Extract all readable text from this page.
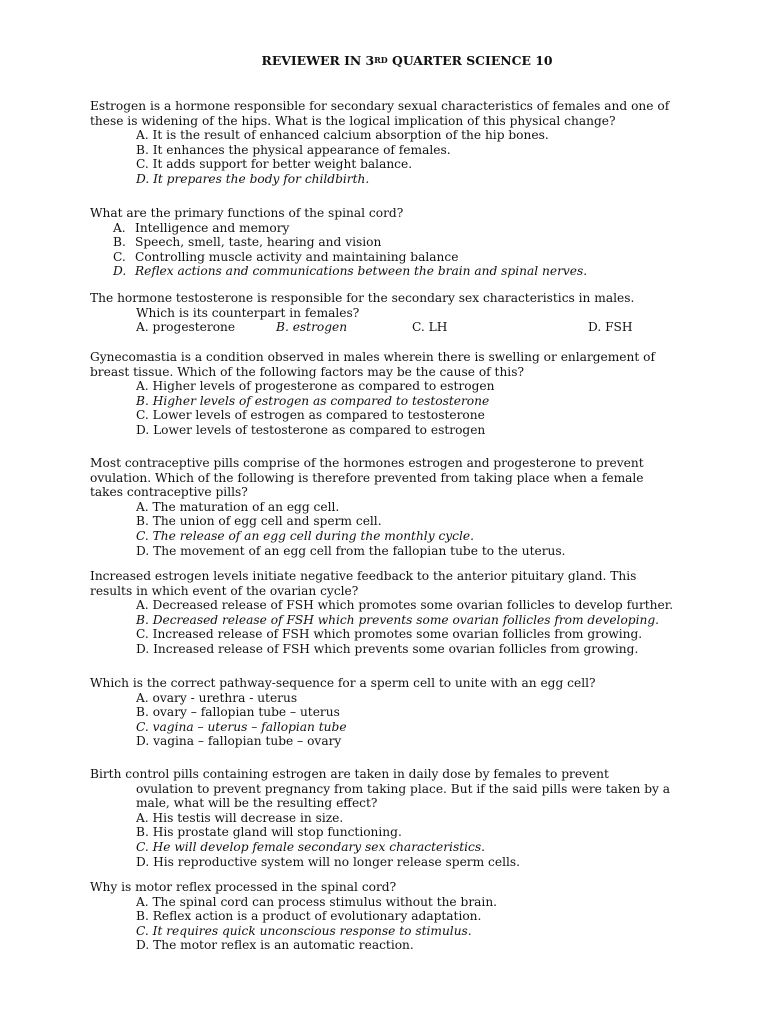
REVIEWER IN 3RD QUARTER SCIENCE 10
Estrogen is a hormone responsible for secondary sexual characteristics of females and one of
these is widening of the hips. What is the logical implication of this physical change?
A. It is the result of enhanced calcium absorption of the hip bones.
B. It enhances the physical appearance of females.
C. It adds support for better weight balance.
D. It prepares the body for childbirth.
What are the primary functions of the spinal cord?
A. Intelligence and memory
B. Speech, smell, taste, hearing and vision
C. Controlling muscle activity and maintaining balance
D. Reflex actions and communications between the brain and spinal nerves.
The hormone testosterone is responsible for the secondary sex characteristics in males.
Which is its counterpart in females?
A. progesterone	B. estrogen	C. LH	D. FSH
Gynecomastia is a condition observed in males wherein there is swelling or enlargement of
breast tissue. Which of the following factors may be the cause of this?
A. Higher levels of progesterone as compared to estrogen
B. Higher levels of estrogen as compared to testosterone
C. Lower levels of estrogen as compared to testosterone
D. Lower levels of testosterone as compared to estrogen
Most contraceptive pills comprise of the hormones estrogen and progesterone to prevent
ovulation. Which of the following is therefore prevented from taking place when a female
takes contraceptive pills?
A. The maturation of an egg cell.
B. The union of egg cell and sperm cell.
C. The release of an egg cell during the monthly cycle.
D. The movement of an egg cell from the fallopian tube to the uterus.
Increased estrogen levels initiate negative feedback to the anterior pituitary gland. This
results in which event of the ovarian cycle?
A. Decreased release of FSH which promotes some ovarian follicles to develop further.
B. Decreased release of FSH which prevents some ovarian follicles from developing.
C. Increased release of FSH which promotes some ovarian follicles from growing.
D. Increased release of FSH which prevents some ovarian follicles from growing.
Which is the correct pathway-sequence for a sperm cell to unite with an egg cell?
A. ovary - urethra - uterus
B. ovary – fallopian tube – uterus
C. vagina – uterus – fallopian tube
D. vagina – fallopian tube – ovary
Birth control pills containing estrogen are taken in daily dose by females to prevent
ovulation to prevent pregnancy from taking place. But if the said pills were taken by a
male, what will be the resulting effect?
A. His testis will decrease in size.
B. His prostate gland will stop functioning.
C. He will develop female secondary sex characteristics.
D. His reproductive system will no longer release sperm cells.
Why is motor reflex processed in the spinal cord?
A. The spinal cord can process stimulus without the brain.
B. Reflex action is a product of evolutionary adaptation.
C. It requires quick unconscious response to stimulus.
D. The motor reflex is an automatic reaction.
